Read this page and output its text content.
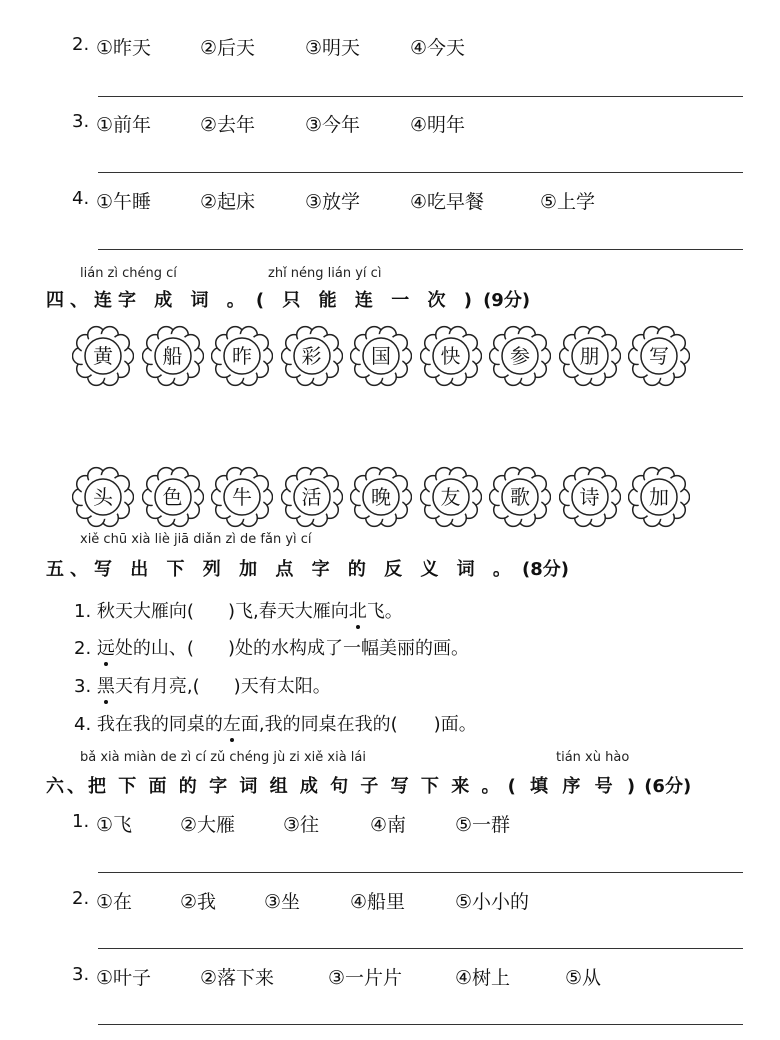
2. ①昨天	②后天	③明天	④今天
3. ①前年	②去年	③今年	④明年
4. ①午睡	②起床	③放学	④吃早餐	⑤上学
lián zì chéng cí	zhǐ néng lián yí cì
四、连字 成 词 。 ( 只 能 连 一 次 ) (9分)
黄	船	昨	彩	国	快	参	朋	写
头	色	牛	活	晚	友	歌	诗	加
xiě chū xià liè jiā diǎn zì de fǎn yì cí
五、写 出 下 列 加 点 字 的 反 义 词 。 (8分)
1. 秋天大雁向( )飞,春天大雁向北飞。
2. 远处的山、( )处的水构成了一幅美丽的画。
3. 黑天有月亮,( )天有太阳。
4. 我在我的同桌的左面,我的同桌在我的( )面。
bǎ xià miàn de zì cí zǔ chéng jù zi xiě xià lái	tián xù hào
六、把 下 面 的 字 词 组 成 句 子 写 下 来 。 ( 填 序 号 ) (6分)
1. ①飞	②大雁	③往	④南	⑤一群
2. ①在	②我	③坐	④船里	⑤小小的
3. ①叶子	②落下来	③一片片	④树上	⑤从
